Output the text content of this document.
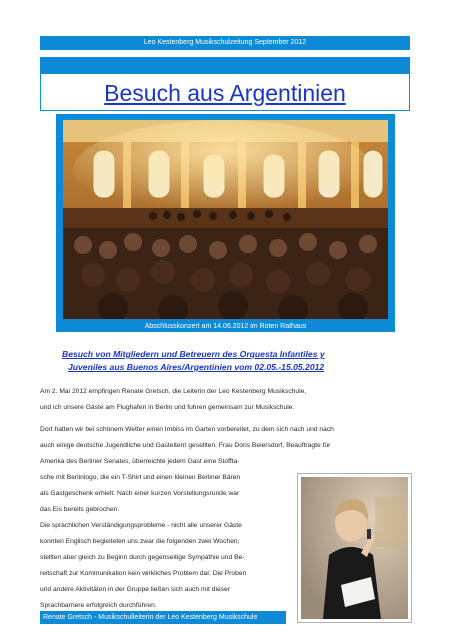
Leo Kestenberg Musikschulzeitung September 2012
Besuch aus Argentinien
Abschlusskonzert am 14.06.2012 im Roten Rathaus
Besuch von Mitgliedern und Betreuern des Orquesta Infantiles y
Juveniles aus Buenos Aires/Argentinien vom 02.05.-15.05.2012
Am 2. Mai 2012 empfingen Renate Gretsch, die Leiterin der Leo Kestenberg Musikschule,
und ich unsere Gäste am Flughafen in Berlin und fuhren gemeinsam zur Musikschule.
Dort hatten wir bei schönem Wetter einen Imbiss im Garten vorbereitet, zu dem sich nach und nach
auch einige deutsche Jugendliche und Gasteltern gesellten. Frau Doris Beiersdorf, Beauftragte für
Amerika des Berliner Senates, überreichte jedem Gast eine Stoffta-
sche mit Berlinlogo, die ein T-Shirt und einen kleinen Berliner Bären
als Gastgeschenk erhielt. Nach einer kurzen Vorstellungsrunde war
das Eis bereits gebrochen.
Die sprachlichen Verständigungsprobleme - nicht alle unserer Gäste
konnten Englisch begleiteten uns zwar die folgenden zwei Wochen,
stellten aber gleich zu Beginn durch gegenseitige Sympathie und Be-
reitschaft zur Kommunikation kein wirkliches Problem dar. Die Proben
und andere Aktivitäten in der Gruppe ließen sich auch mit dieser
Sprachbarriere erfolgreich durchführen.
Renate Gretsch - Musikschulleiterin der Leo Kestenberg Musikschule
